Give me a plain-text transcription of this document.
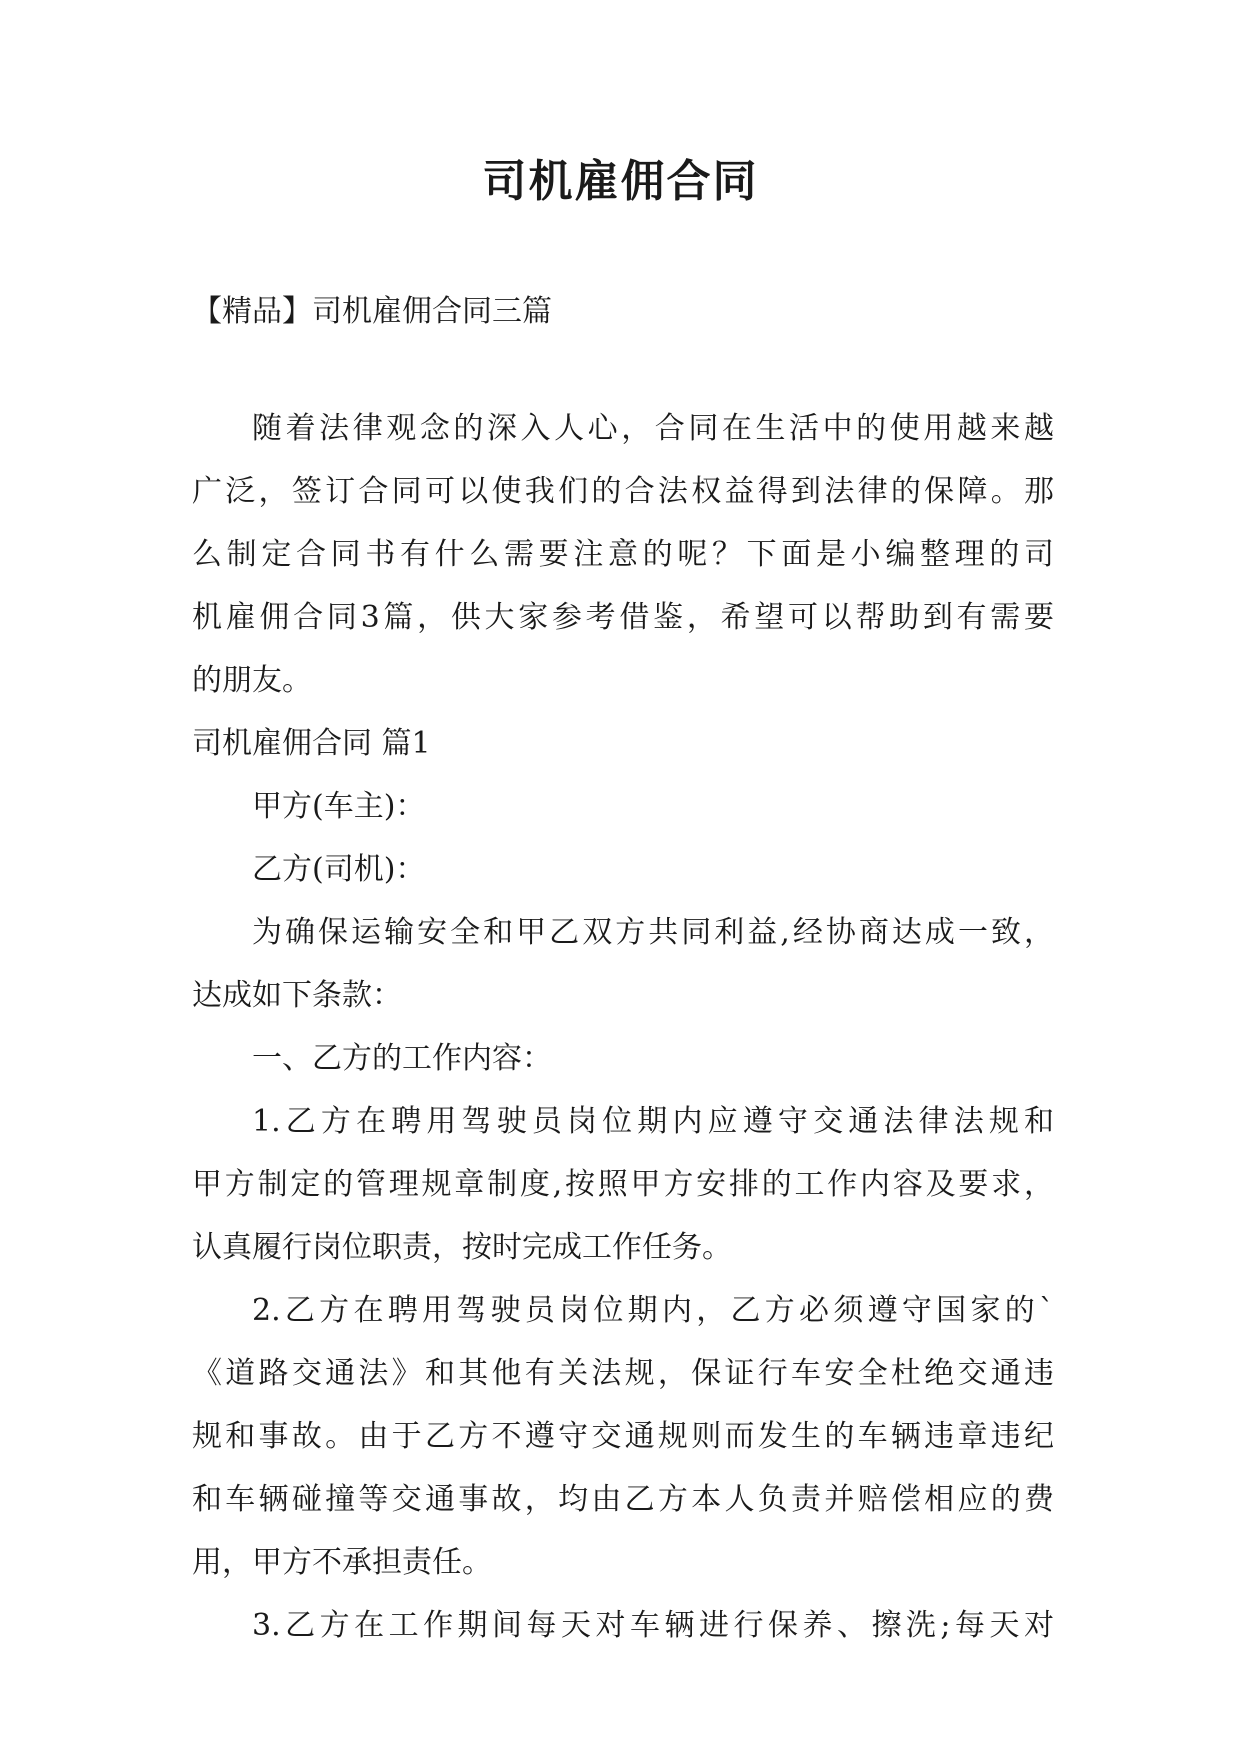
司机雇佣合同
【精品】司机雇佣合同三篇
随着法律观念的深入人心，合同在生活中的使用越来越
广泛，签订合同可以使我们的合法权益得到法律的保障。那
么制定合同书有什么需要注意的呢？下面是小编整理的司
机雇佣合同3篇，供大家参考借鉴，希望可以帮助到有需要
的朋友。
司机雇佣合同 篇1
甲方(车主)：
乙方(司机)：
为确保运输安全和甲乙双方共同利益,经协商达成一致，
达成如下条款：
一、乙方的工作内容：
1.乙方在聘用驾驶员岗位期内应遵守交通法律法规和
甲方制定的管理规章制度,按照甲方安排的工作内容及要求，
认真履行岗位职责，按时完成工作任务。
2.乙方在聘用驾驶员岗位期内，乙方必须遵守国家的`
《道路交通法》和其他有关法规，保证行车安全杜绝交通违
规和事故。由于乙方不遵守交通规则而发生的车辆违章违纪
和车辆碰撞等交通事故，均由乙方本人负责并赔偿相应的费
用，甲方不承担责任。
3.乙方在工作期间每天对车辆进行保养、擦洗;每天对
